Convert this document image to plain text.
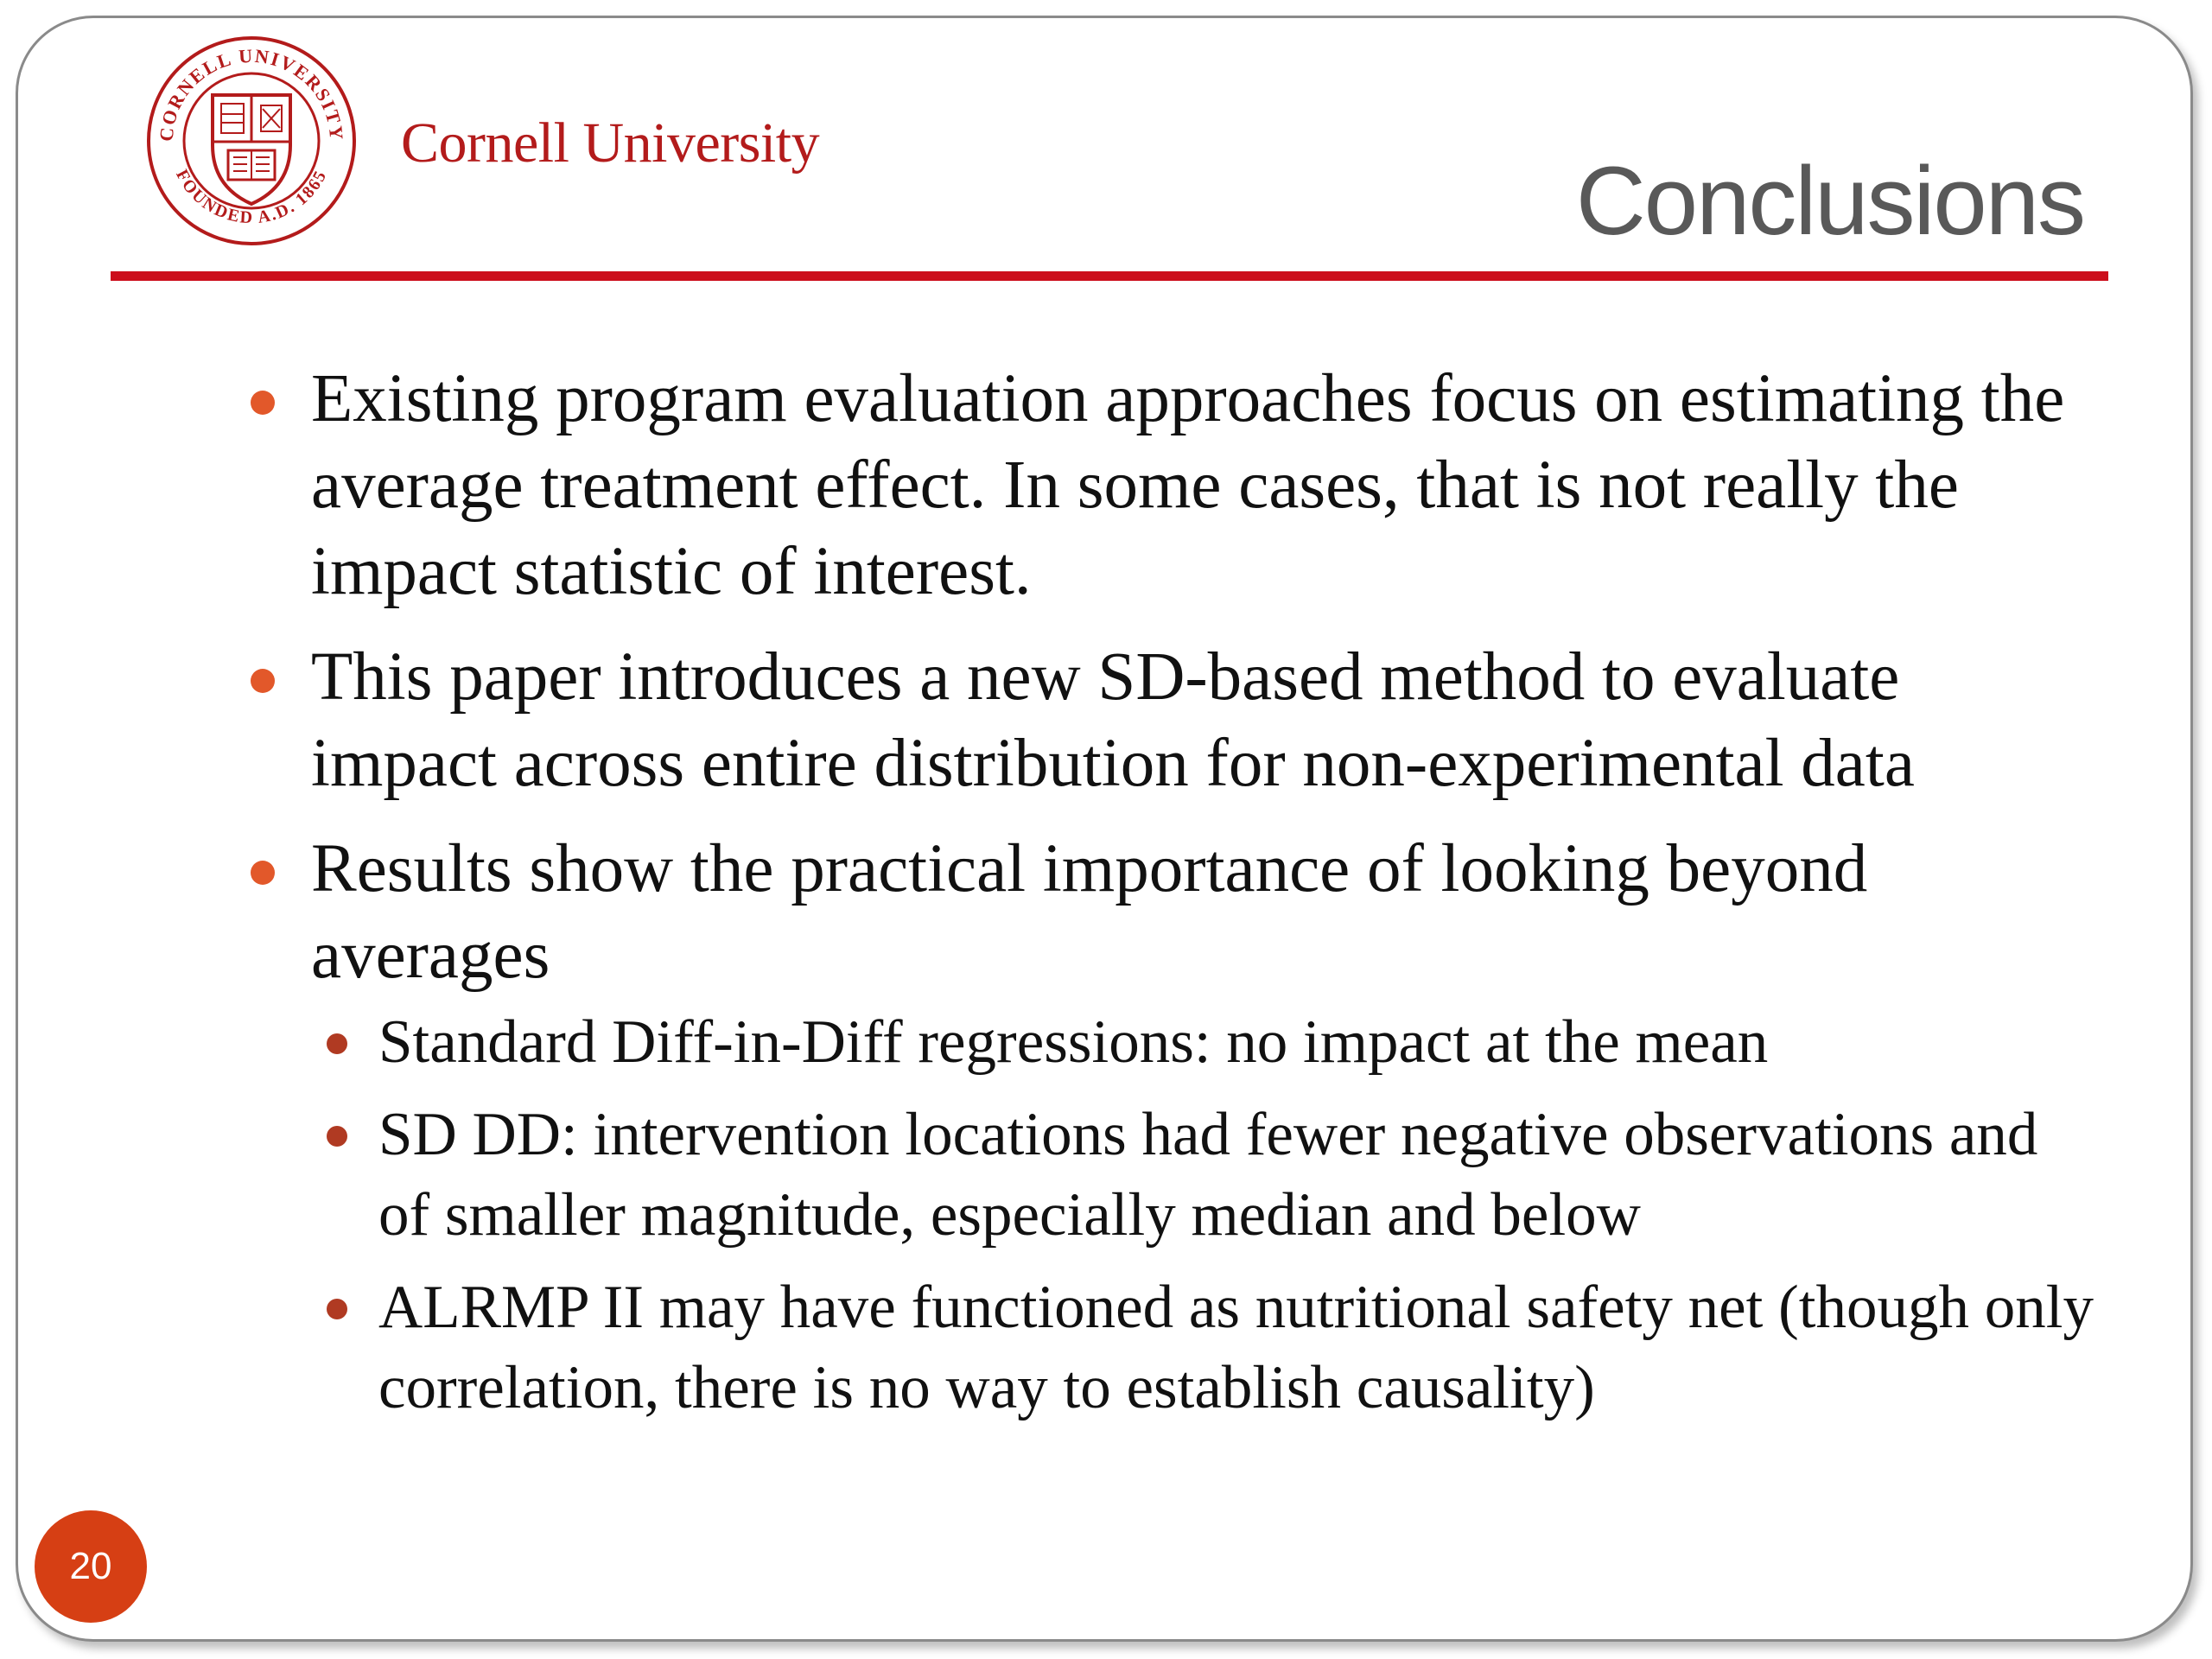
CORNELL UNIVERSITY
FOUNDED A.D. 1865
Cornell University
Conclusions
Existing program evaluation approaches focus on estimating the average treatment effect. In some cases, that is not really the impact statistic of interest.
This paper introduces a new SD-based method to evaluate impact across entire distribution for non-experimental data
Results show the practical importance of looking beyond averages
Standard Diff-in-Diff regressions: no impact at the mean
SD DD: intervention locations had fewer negative observations and of smaller magnitude, especially median and below
ALRMP II may have functioned as nutritional safety net (though only correlation, there is no way to establish causality)
20
